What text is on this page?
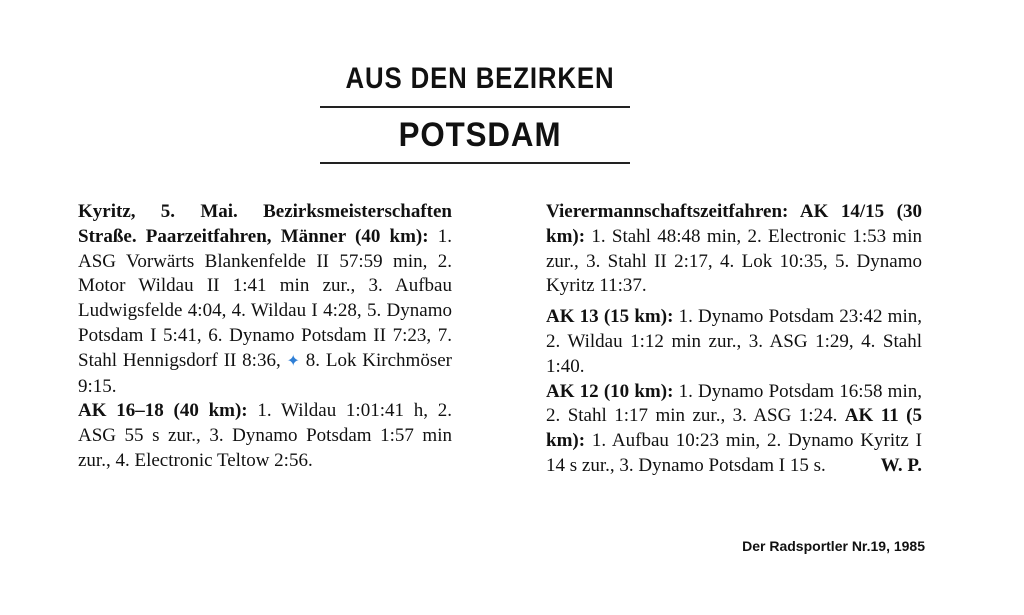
AUS DEN BEZIRKEN
POTSDAM

Kyritz, 5. Mai. Bezirksmeisterschaften Straße. Paarzeitfahren, Männer (40 km): 1. ASG Vorwärts Blankenfelde II 57:59 min, 2. Motor Wildau II 1:41 min zur., 3. Aufbau Ludwigsfelde 4:04, 4. Wildau I 4:28, 5. Dynamo Potsdam I 5:41, 6. Dynamo Potsdam II 7:23, 7. Stahl Hennigsdorf II 8:36, ✦ 8. Lok Kirchmöser 9:15.

AK 16–18 (40 km): 1. Wildau 1:01:41 h, 2. ASG 55 s zur., 3. Dynamo Potsdam 1:57 min zur., 4. Electronic Teltow 2:56.

Vierermannschaftszeitfahren: AK 14/15 (30 km): 1. Stahl 48:48 min, 2. Electronic 1:53 min zur., 3. Stahl II 2:17, 4. Lok 10:35, 5. Dynamo Kyritz 11:37.

AK 13 (15 km): 1. Dynamo Potsdam 23:42 min, 2. Wildau 1:12 min zur., 3. ASG 1:29, 4. Stahl 1:40.

AK 12 (10 km): 1. Dynamo Potsdam 16:58 min, 2. Stahl 1:17 min zur., 3. ASG 1:24. AK 11 (5 km): 1. Aufbau 10:23 min, 2. Dynamo Kyritz I 14 s zur., 3. Dynamo Potsdam I 15 s.	W. P.

Der Radsportler Nr.19, 1985
